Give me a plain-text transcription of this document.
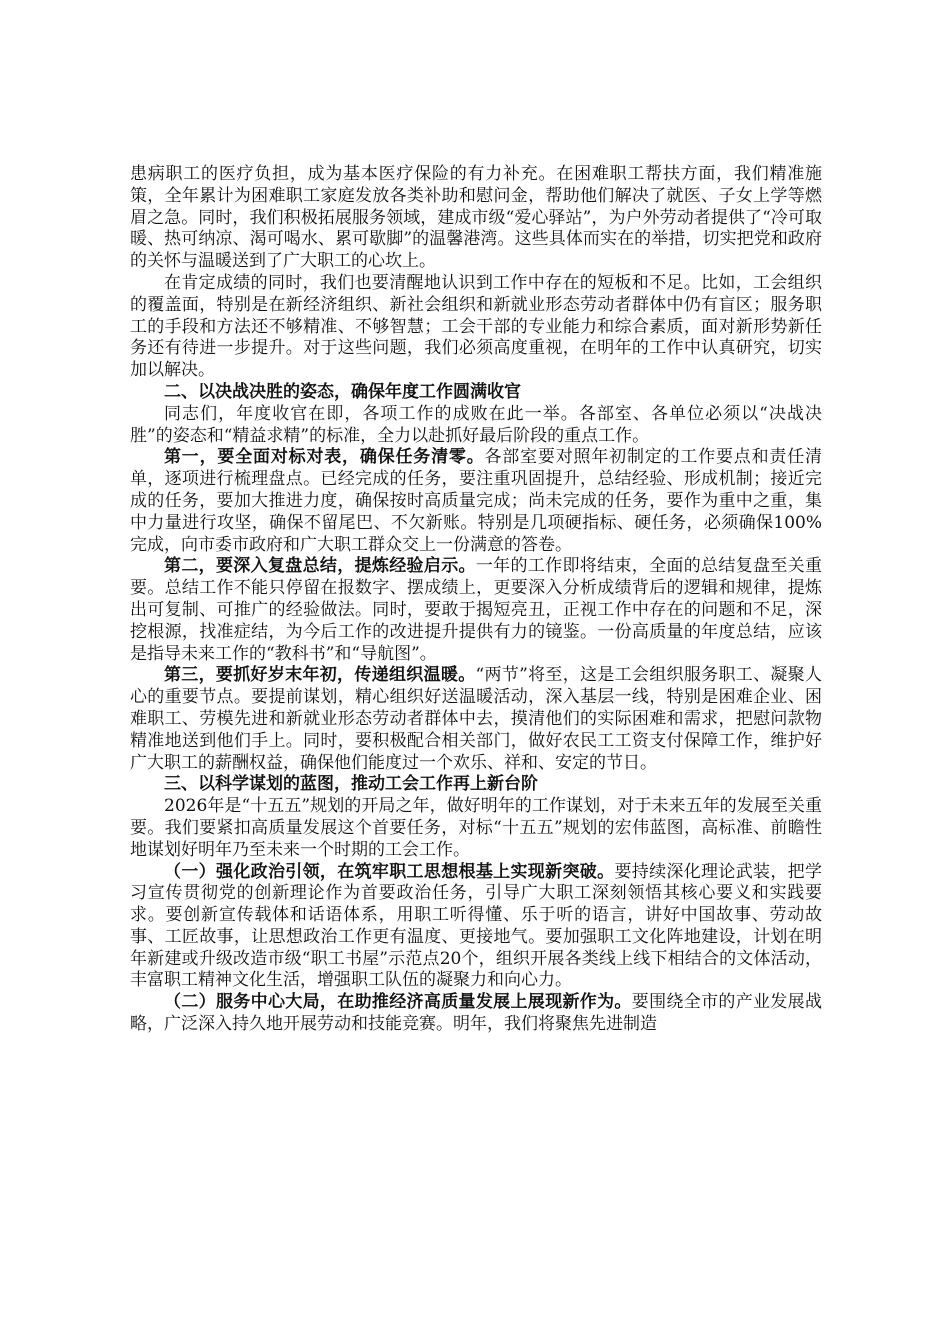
患病职工的医疗负担，成为基本医疗保险的有力补充。在困难职工帮扶方面，我们精准施策，全年累计为困难职工家庭发放各类补助和慰问金，帮助他们解决了就医、子女上学等燃眉之急。同时，我们积极拓展服务领域，建成市级“爱心驿站”，为户外劳动者提供了“冷可取暖、热可纳凉、渴可喝水、累可歇脚”的温馨港湾。这些具体而实在的举措，切实把党和政府的关怀与温暖送到了广大职工的心坎上。

在肯定成绩的同时，我们也要清醒地认识到工作中存在的短板和不足。比如，工会组织的覆盖面，特别是在新经济组织、新社会组织和新就业形态劳动者群体中仍有盲区；服务职工的手段和方法还不够精准、不够智慧；工会干部的专业能力和综合素质，面对新形势新任务还有待进一步提升。对于这些问题，我们必须高度重视，在明年的工作中认真研究，切实加以解决。

二、以决战决胜的姿态，确保年度工作圆满收官

同志们，年度收官在即，各项工作的成败在此一举。各部室、各单位必须以“决战决胜”的姿态和“精益求精”的标准，全力以赴抓好最后阶段的重点工作。

第一，要全面对标对表，确保任务清零。各部室要对照年初制定的工作要点和责任清单，逐项进行梳理盘点。已经完成的任务，要注重巩固提升，总结经验、形成机制；接近完成的任务，要加大推进力度，确保按时高质量完成；尚未完成的任务，要作为重中之重，集中力量进行攻坚，确保不留尾巴、不欠新账。特别是几项硬指标、硬任务，必须确保100%完成，向市委市政府和广大职工群众交上一份满意的答卷。

第二，要深入复盘总结，提炼经验启示。一年的工作即将结束，全面的总结复盘至关重要。总结工作不能只停留在报数字、摆成绩上，更要深入分析成绩背后的逻辑和规律，提炼出可复制、可推广的经验做法。同时，要敢于揭短亮丑，正视工作中存在的问题和不足，深挖根源，找准症结，为今后工作的改进提升提供有力的镜鉴。一份高质量的年度总结，应该是指导未来工作的“教科书”和“导航图”。

第三，要抓好岁末年初，传递组织温暖。“两节”将至，这是工会组织服务职工、凝聚人心的重要节点。要提前谋划，精心组织好送温暖活动，深入基层一线，特别是困难企业、困难职工、劳模先进和新就业形态劳动者群体中去，摸清他们的实际困难和需求，把慰问款物精准地送到他们手上。同时，要积极配合相关部门，做好农民工工资支付保障工作，维护好广大职工的薪酬权益，确保他们能度过一个欢乐、祥和、安定的节日。

三、以科学谋划的蓝图，推动工会工作再上新台阶

2026年是“十五五”规划的开局之年，做好明年的工作谋划，对于未来五年的发展至关重要。我们要紧扣高质量发展这个首要任务，对标“十五五”规划的宏伟蓝图，高标准、前瞻性地谋划好明年乃至未来一个时期的工会工作。

（一）强化政治引领，在筑牢职工思想根基上实现新突破。要持续深化理论武装，把学习宣传贯彻党的创新理论作为首要政治任务，引导广大职工深刻领悟其核心要义和实践要求。要创新宣传载体和话语体系，用职工听得懂、乐于听的语言，讲好中国故事、劳动故事、工匠故事，让思想政治工作更有温度、更接地气。要加强职工文化阵地建设，计划在明年新建或升级改造市级“职工书屋”示范点20个，组织开展各类线上线下相结合的文体活动，丰富职工精神文化生活，增强职工队伍的凝聚力和向心力。

（二）服务中心大局，在助推经济高质量发展上展现新作为。要围绕全市的产业发展战略，广泛深入持久地开展劳动和技能竞赛。明年，我们将聚焦先进制造
